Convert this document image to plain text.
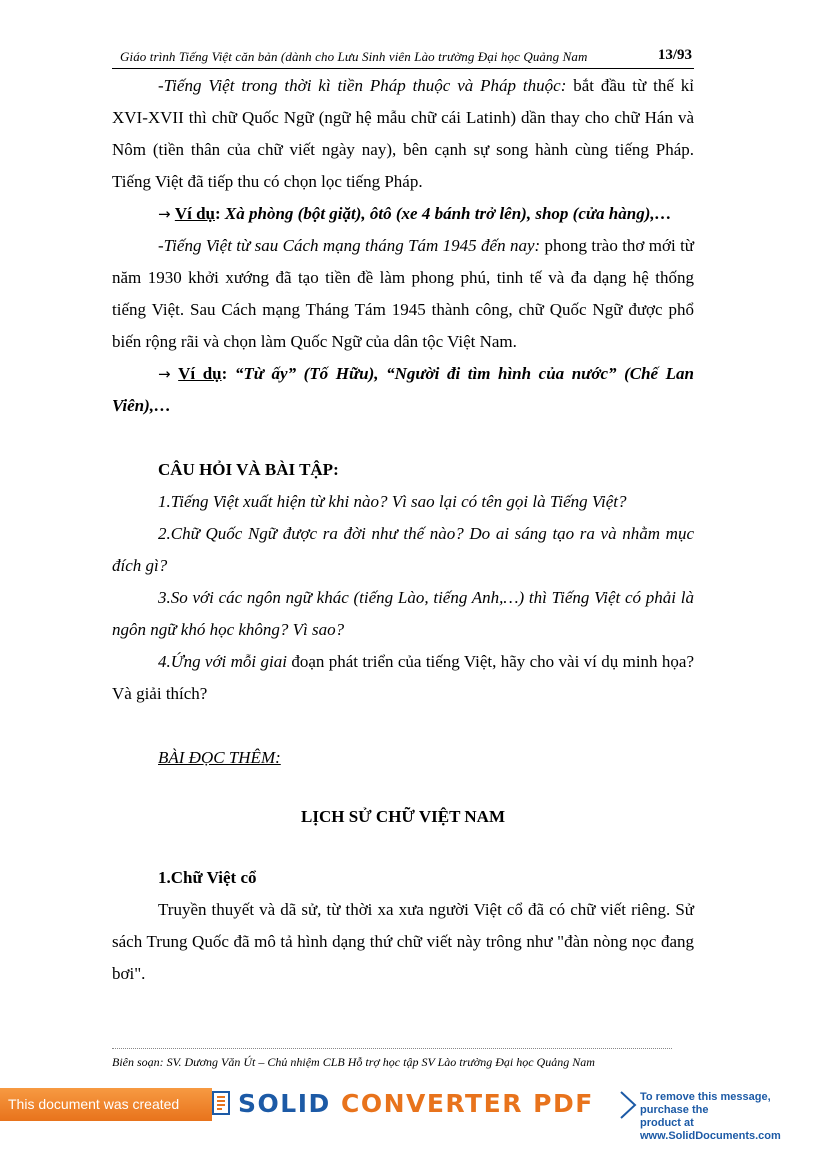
Giáo trình Tiếng Việt căn bản (dành cho Lưu Sinh viên Lào trường Đại học Quảng Nam	13/93

-Tiếng Việt trong thời kì tiền Pháp thuộc và Pháp thuộc: bắt đầu từ thế kỉ XVI-XVII thì chữ Quốc Ngữ (ngữ hệ mẫu chữ cái Latinh) dần thay cho chữ Hán và Nôm (tiền thân của chữ viết ngày nay), bên cạnh sự song hành cùng tiếng Pháp. Tiếng Việt đã tiếp thu có chọn lọc tiếng Pháp.

→ Ví dụ: Xà phòng (bột giặt), ôtô (xe 4 bánh trở lên), shop (cửa hàng),…

-Tiếng Việt từ sau Cách mạng tháng Tám 1945 đến nay: phong trào thơ mới từ năm 1930 khởi xướng đã tạo tiền đề làm phong phú, tinh tế và đa dạng hệ thống tiếng Việt. Sau Cách mạng Tháng Tám 1945 thành công, chữ Quốc Ngữ được phổ biến rộng rãi và chọn làm Quốc Ngữ của dân tộc Việt Nam.

→ Ví dụ: “Từ ấy” (Tố Hữu), “Người đi tìm hình của nước” (Chế Lan Viên),…

CÂU HỎI VÀ BÀI TẬP:

1.Tiếng Việt xuất hiện từ khi nào? Vì sao lại có tên gọi là Tiếng Việt?

2.Chữ Quốc Ngữ được ra đời như thế nào? Do ai sáng tạo ra và nhằm mục đích gì?

3.So với các ngôn ngữ khác (tiếng Lào, tiếng Anh,…) thì Tiếng Việt có phải là ngôn ngữ khó học không? Vì sao?

4.Ứng với mỗi giai đoạn phát triển của tiếng Việt, hãy cho vài ví dụ minh họa? Và giải thích?

BÀI ĐỌC THÊM:

LỊCH SỬ CHỮ VIỆT NAM

1.Chữ Việt cổ

Truyền thuyết và dã sử, từ thời xa xưa người Việt cổ đã có chữ viết riêng. Sử sách Trung Quốc đã mô tả hình dạng thứ chữ viết này trông như "đàn nòng nọc đang bơi".

Biên soạn: SV. Dương Văn Út – Chủ nhiệm CLB Hỗ trợ học tập SV Lào trường Đại học Quảng Nam
This document was created using
SOLID CONVERTER PDF	To remove this message, purchase the
product at www.SolidDocuments.com
